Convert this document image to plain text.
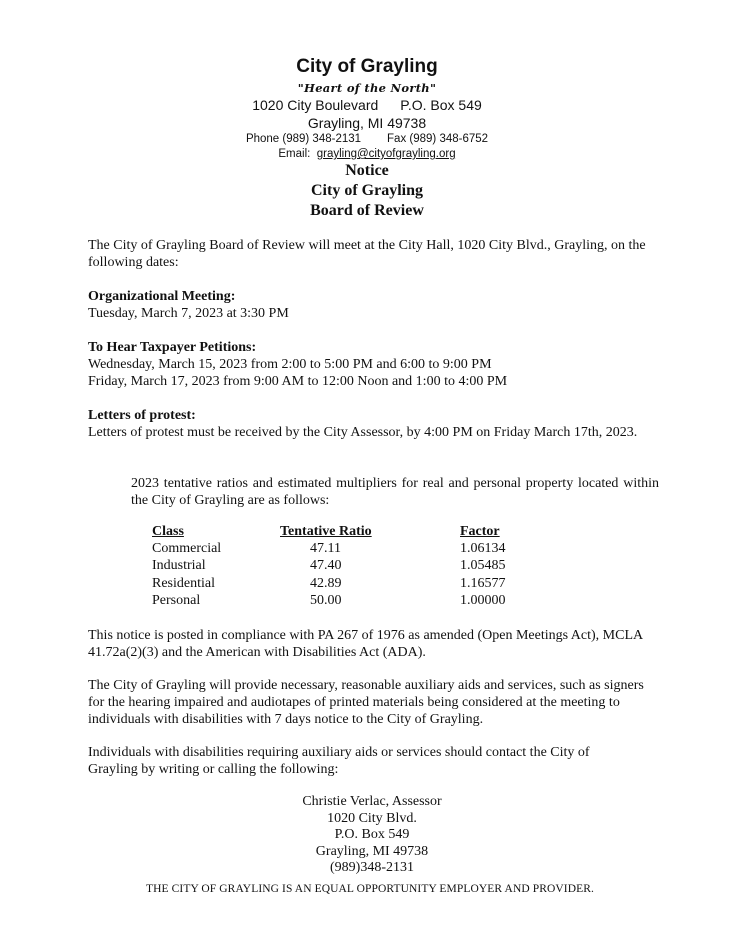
City of Grayling
"Heart of the North"
1020 City Boulevard P.O. Box 549
Grayling, MI 49738
Phone (989) 348-2131 Fax (989) 348-6752
Email: grayling@cityofgrayling.org
Notice
City of Grayling
Board of Review

The City of Grayling Board of Review will meet at the City Hall, 1020 City Blvd., Grayling, on the following dates:

Organizational Meeting:
Tuesday, March 7, 2023 at 3:30 PM
To Hear Taxpayer Petitions:
Wednesday, March 15, 2023 from 2:00 to 5:00 PM and 6:00 to 9:00 PM
Friday, March 17, 2023 from 9:00 AM to 12:00 Noon and 1:00 to 4:00 PM
Letters of protest:

Letters of protest must be received by the City Assessor, by 4:00 PM on Friday March 17th, 2023.

2023 tentative ratios and estimated multipliers for real and personal property located within the City of Grayling are as follows:

Class	Tentative Ratio	Factor
Commercial	47.11	1.06134
Industrial	47.40	1.05485
Residential	42.89	1.16577
Personal	50.00	1.00000

This notice is posted in compliance with PA 267 of 1976 as amended (Open Meetings Act), MCLA 41.72a(2)(3) and the American with Disabilities Act (ADA).

The City of Grayling will provide necessary, reasonable auxiliary aids and services, such as signers for the hearing impaired and audiotapes of printed materials being considered at the meeting to individuals with disabilities with 7 days notice to the City of Grayling.

Individuals with disabilities requiring auxiliary aids or services should contact the City of Grayling by writing or calling the following:

Christie Verlac, Assessor
1020 City Blvd.
P.O. Box 549
Grayling, MI 49738
(989)348-2131
THE CITY OF GRAYLING IS AN EQUAL OPPORTUNITY EMPLOYER AND PROVIDER.
